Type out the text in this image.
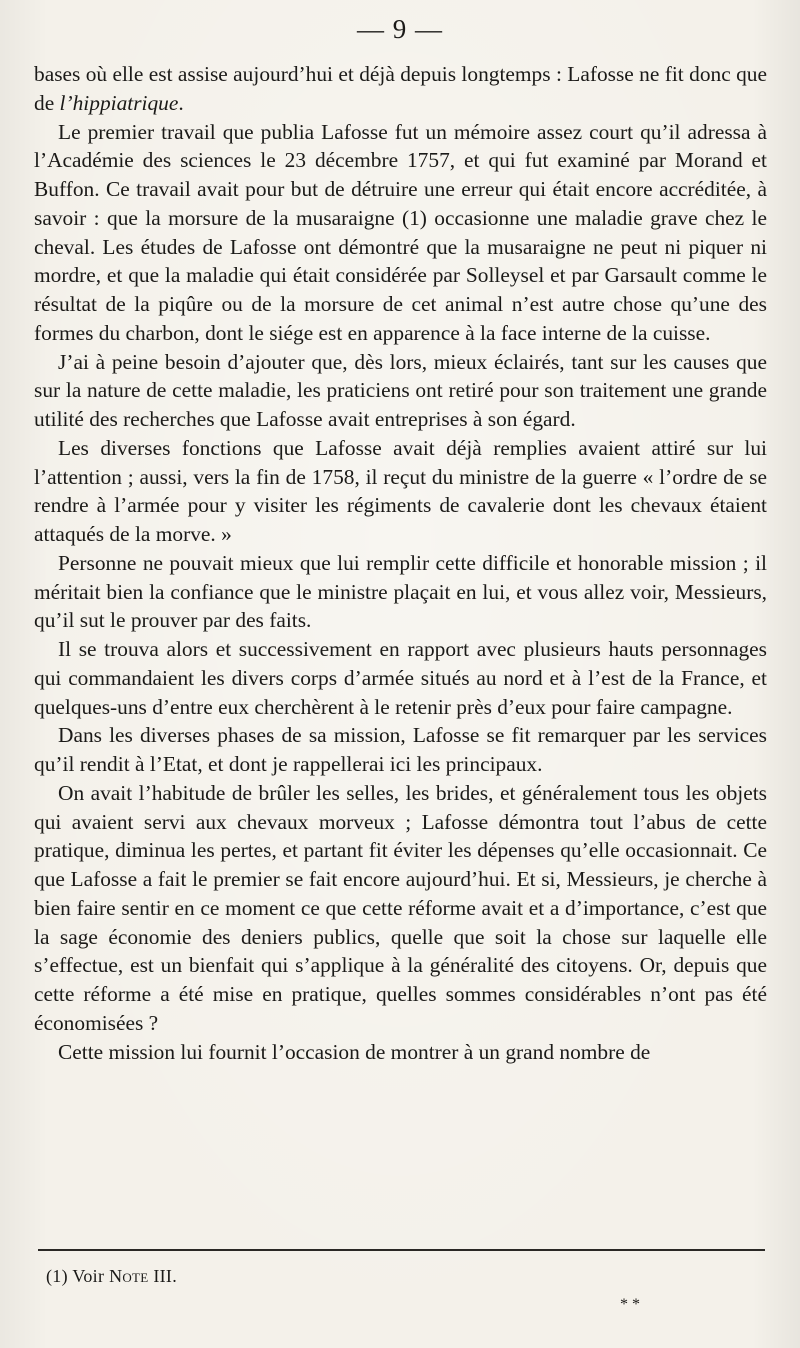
— 9 —

bases où elle est assise aujourd’hui et déjà depuis longtemps : Lafosse ne fit donc que de l’hippiatrique.

Le premier travail que publia Lafosse fut un mémoire assez court qu’il adressa à l’Académie des sciences le 23 décembre 1757, et qui fut examiné par Morand et Buffon. Ce travail avait pour but de détruire une erreur qui était encore accréditée, à savoir : que la morsure de la musaraigne (1) occasionne une maladie grave chez le cheval. Les études de Lafosse ont démontré que la musaraigne ne peut ni piquer ni mordre, et que la maladie qui était considérée par Solleysel et par Garsault comme le résultat de la piqûre ou de la morsure de cet animal n’est autre chose qu’une des formes du charbon, dont le siége est en apparence à la face interne de la cuisse.

J’ai à peine besoin d’ajouter que, dès lors, mieux éclairés, tant sur les causes que sur la nature de cette maladie, les praticiens ont retiré pour son traitement une grande utilité des recherches que Lafosse avait entreprises à son égard.

Les diverses fonctions que Lafosse avait déjà remplies avaient attiré sur lui l’attention ; aussi, vers la fin de 1758, il reçut du ministre de la guerre « l’ordre de se rendre à l’armée pour y visiter les régiments de cavalerie dont les chevaux étaient attaqués de la morve. »

Personne ne pouvait mieux que lui remplir cette difficile et honorable mission ; il méritait bien la confiance que le ministre plaçait en lui, et vous allez voir, Messieurs, qu’il sut le prouver par des faits.

Il se trouva alors et successivement en rapport avec plusieurs hauts personnages qui commandaient les divers corps d’armée situés au nord et à l’est de la France, et quelques-uns d’entre eux cherchèrent à le retenir près d’eux pour faire campagne.

Dans les diverses phases de sa mission, Lafosse se fit remarquer par les services qu’il rendit à l’Etat, et dont je rappellerai ici les principaux.

On avait l’habitude de brûler les selles, les brides, et généralement tous les objets qui avaient servi aux chevaux morveux ; Lafosse démontra tout l’abus de cette pratique, diminua les pertes, et partant fit éviter les dépenses qu’elle occasionnait. Ce que Lafosse a fait le premier se fait encore aujourd’hui. Et si, Messieurs, je cherche à bien faire sentir en ce moment ce que cette réforme avait et a d’importance, c’est que la sage économie des deniers publics, quelle que soit la chose sur laquelle elle s’effectue, est un bienfait qui s’applique à la généralité des citoyens. Or, depuis que cette réforme a été mise en pratique, quelles sommes considérables n’ont pas été économisées ?

Cette mission lui fournit l’occasion de montrer à un grand nombre de

(1) Voir Note III.
**
